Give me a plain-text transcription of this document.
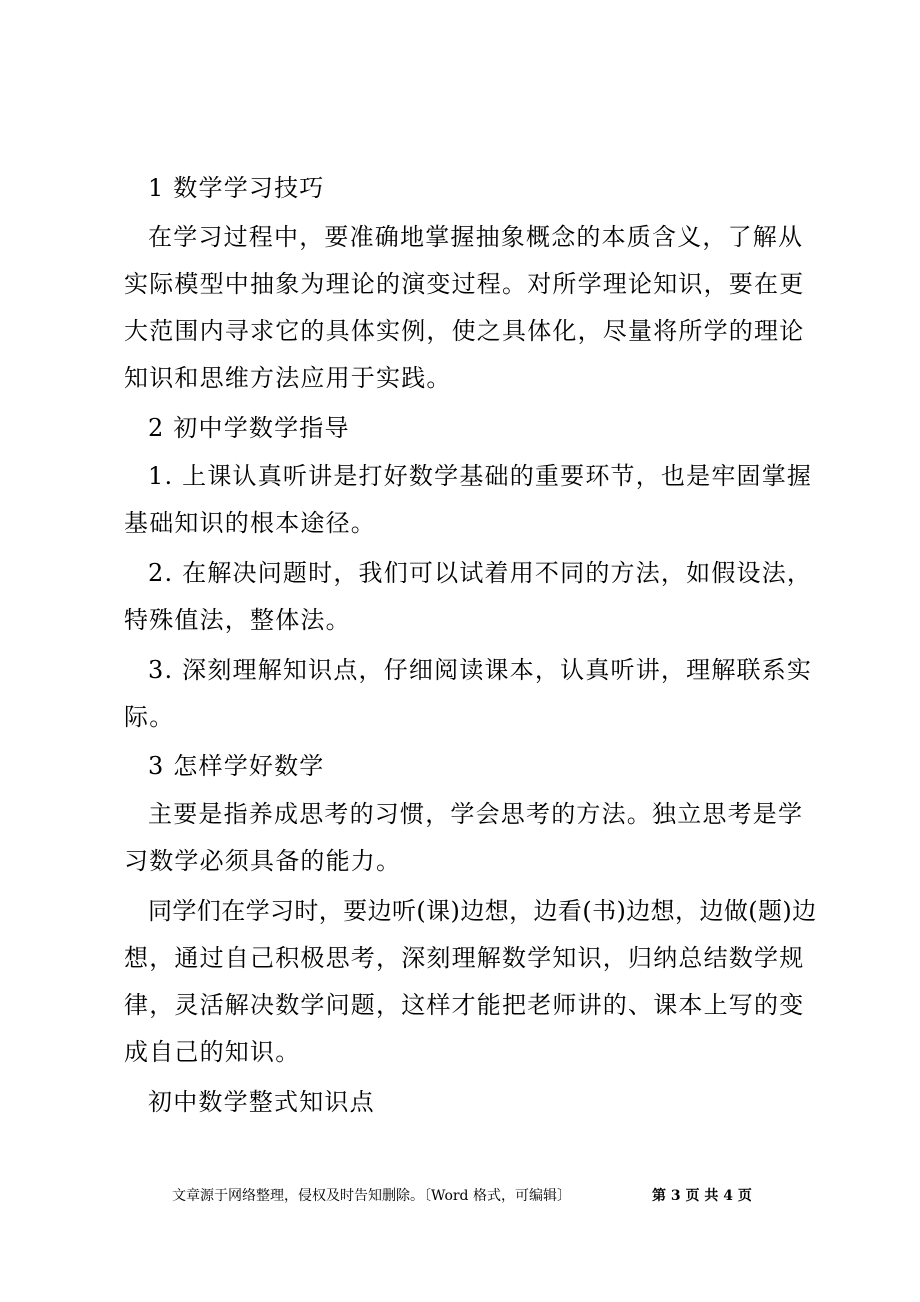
1 数学学习技巧
在学习过程中，要准确地掌握抽象概念的本质含义，了解从
实际模型中抽象为理论的演变过程。对所学理论知识，要在更
大范围内寻求它的具体实例，使之具体化，尽量将所学的理论
知识和思维方法应用于实践。
2 初中学数学指导
1. 上课认真听讲是打好数学基础的重要环节，也是牢固掌握
基础知识的根本途径。
2. 在解决问题时，我们可以试着用不同的方法，如假设法，
特殊值法，整体法。
3. 深刻理解知识点，仔细阅读课本，认真听讲，理解联系实
际。
3 怎样学好数学
主要是指养成思考的习惯，学会思考的方法。独立思考是学
习数学必须具备的能力。
同学们在学习时，要边听(课)边想，边看(书)边想，边做(题)边
想，通过自己积极思考，深刻理解数学知识，归纳总结数学规
律，灵活解决数学问题，这样才能把老师讲的、课本上写的变
成自己的知识。
初中数学整式知识点
文章源于网络整理，侵权及时告知删除。〔Word 格式，可编辑〕	第 3 页 共 4 页
